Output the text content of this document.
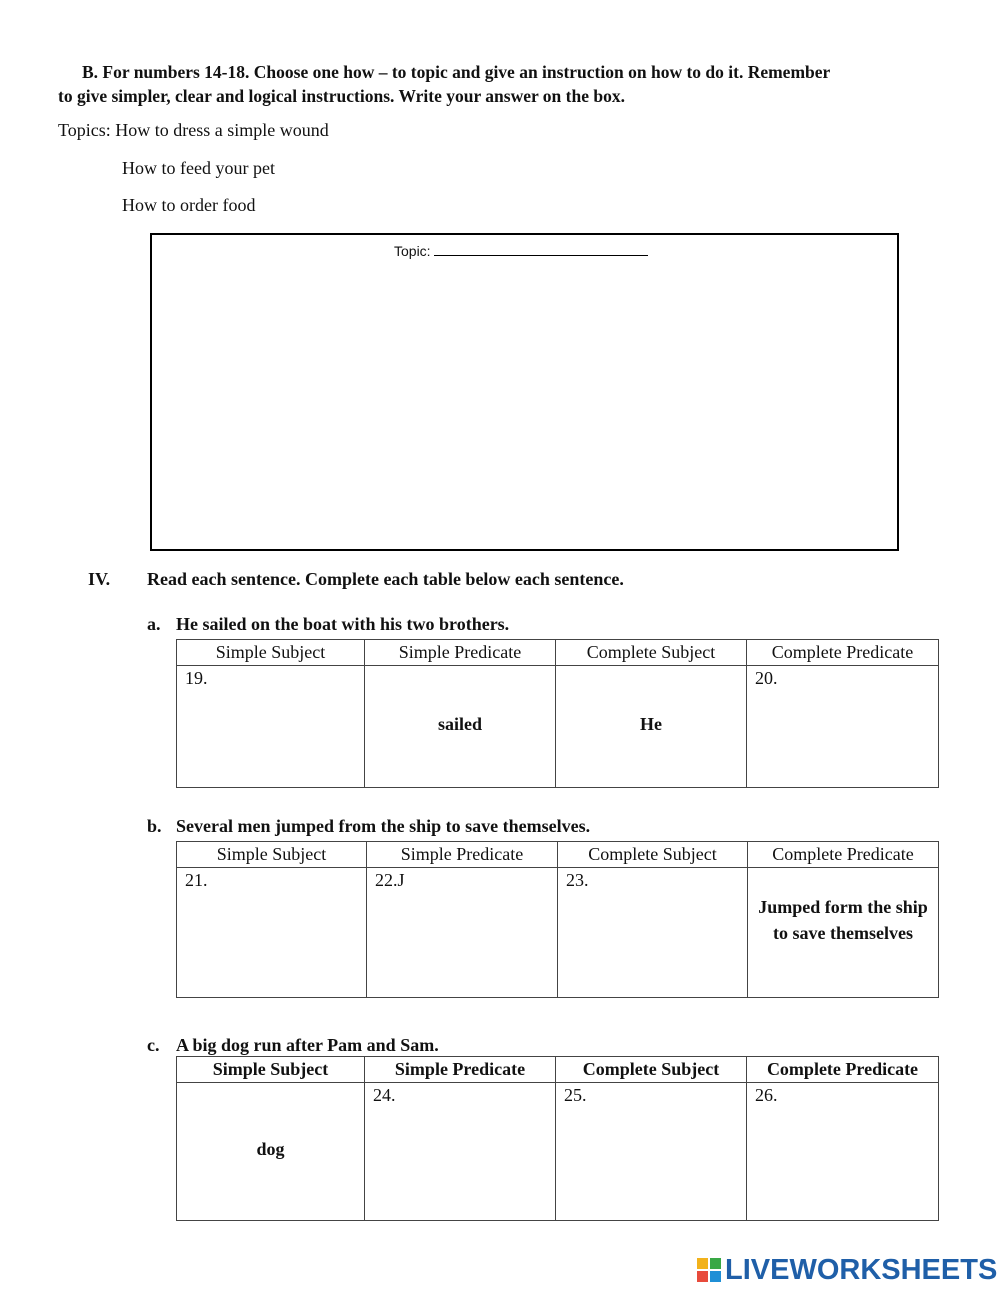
B. For numbers 14-18. Choose one how – to topic and give an instruction on how to do it. Remember
to give simpler, clear and logical instructions. Write your answer on the box.
Topics: How to dress a simple wound
How to feed your pet
How to order food
Topic:
IV. Read each sentence. Complete each table below each sentence.
a. He sailed on the boat with his two brothers.
Simple Subject	Simple Predicate	Complete Subject	Complete Predicate
19.	sailed	He	20.
b. Several men jumped from the ship to save themselves.
Simple Subject	Simple Predicate	Complete Subject	Complete Predicate
21.	22.J	23.	Jumped form the ship to save themselves
c. A big dog run after Pam and Sam.
Simple Subject	Simple Predicate	Complete Subject	Complete Predicate

dog	24.	25.	26.
LIVEWORKSHEETS
